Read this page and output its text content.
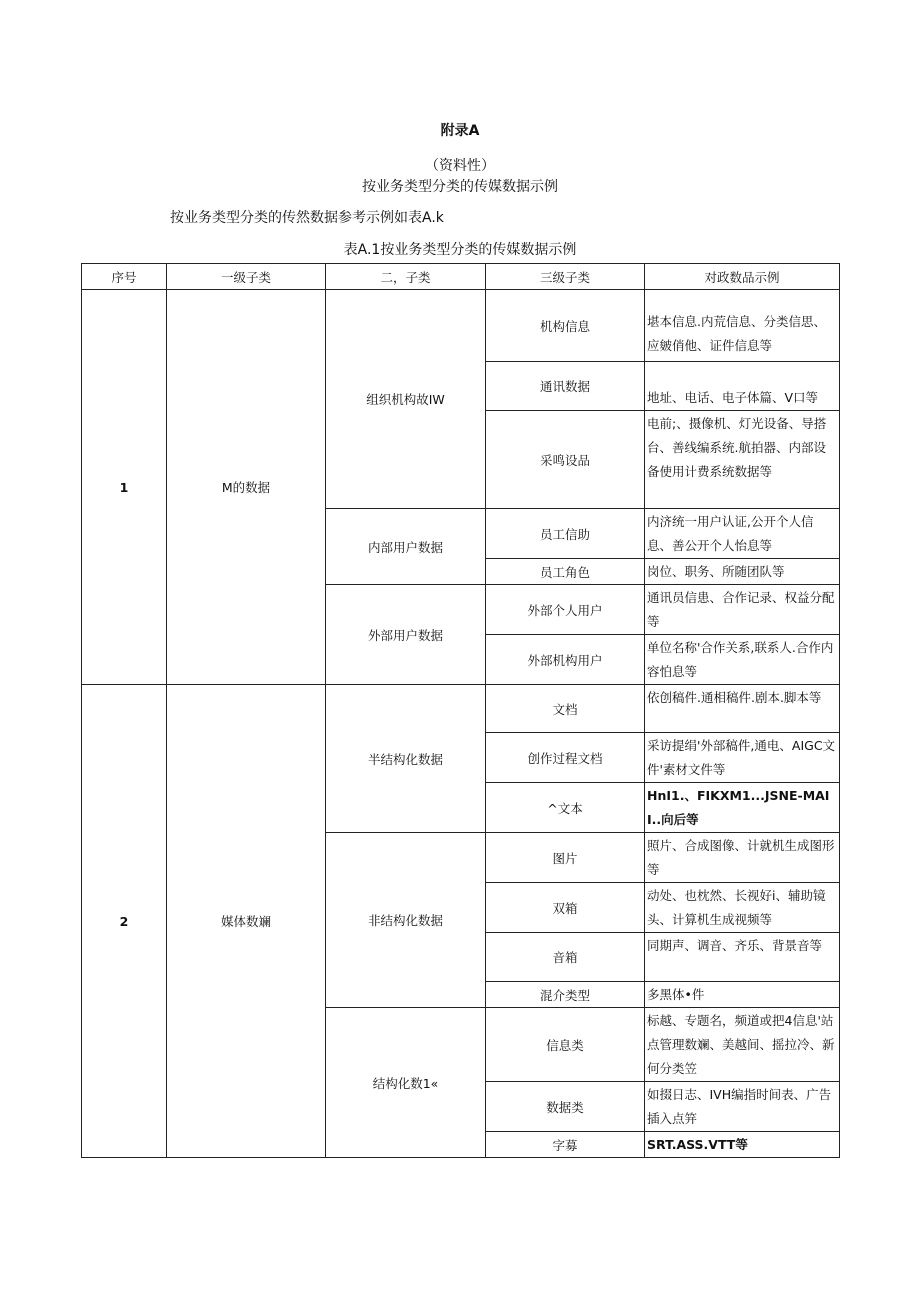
附录A
（资料性）
按业务类型分类的传媒数据示例
按业务类型分类的传然数据参考示例如表A.k
表A.1按业务类型分类的传媒数据示例
序号	一级子类	二，子类	三级子类	对政数品示例
1	M的数据	组织机构故IW	机构信息	堪本信息.内荒信息、分类信思、应皴俏他、证件信息等
			通讯数据	地址、电话、电子体篇、V口等
			采鸣设品	电前;、摄像机、灯光设备、导搭台、善线编系统.航拍器、内部设备使用计费系统数据等
		内部用户数据	员工信助	内济统一用户认证,公开个人信息、善公开个人怡息等
			员工角色	岗位、职务、所随团队等
		外部用户数据	外部个人用户	通讯员信患、合作记录、权益分配等
			外部机构用户	单位名称'合作关系,联系人.合作内容怕息等

2	媒体数斓	半结构化数据	文档	依创稿件.通相稿件.剧本.脚本等
			创作过程文档	采访提绢'外部稿件,通电、AIGC文件'素材文件等
			^文本	HnI1.、FIKXM1...JSNE-MAII..向后等
		非结构化数据	图片	照片、合成图像、计就机生成图形等
			双箱	动处、也枕然、长视好i、辅助镜头、计算机生成视频等
			音箱	同期声、调音、齐乐、背景音等
			混介类型	多黑体•件
		结构化数1«	信息类	标越、专题名，频道或把4信息'站点管理数斓、美越间、摇拉冷、新何分类笠
			数据类	如掇日志、IVH编指时间表、广告插入点笄
			字募	SRT.ASS.VTT等
